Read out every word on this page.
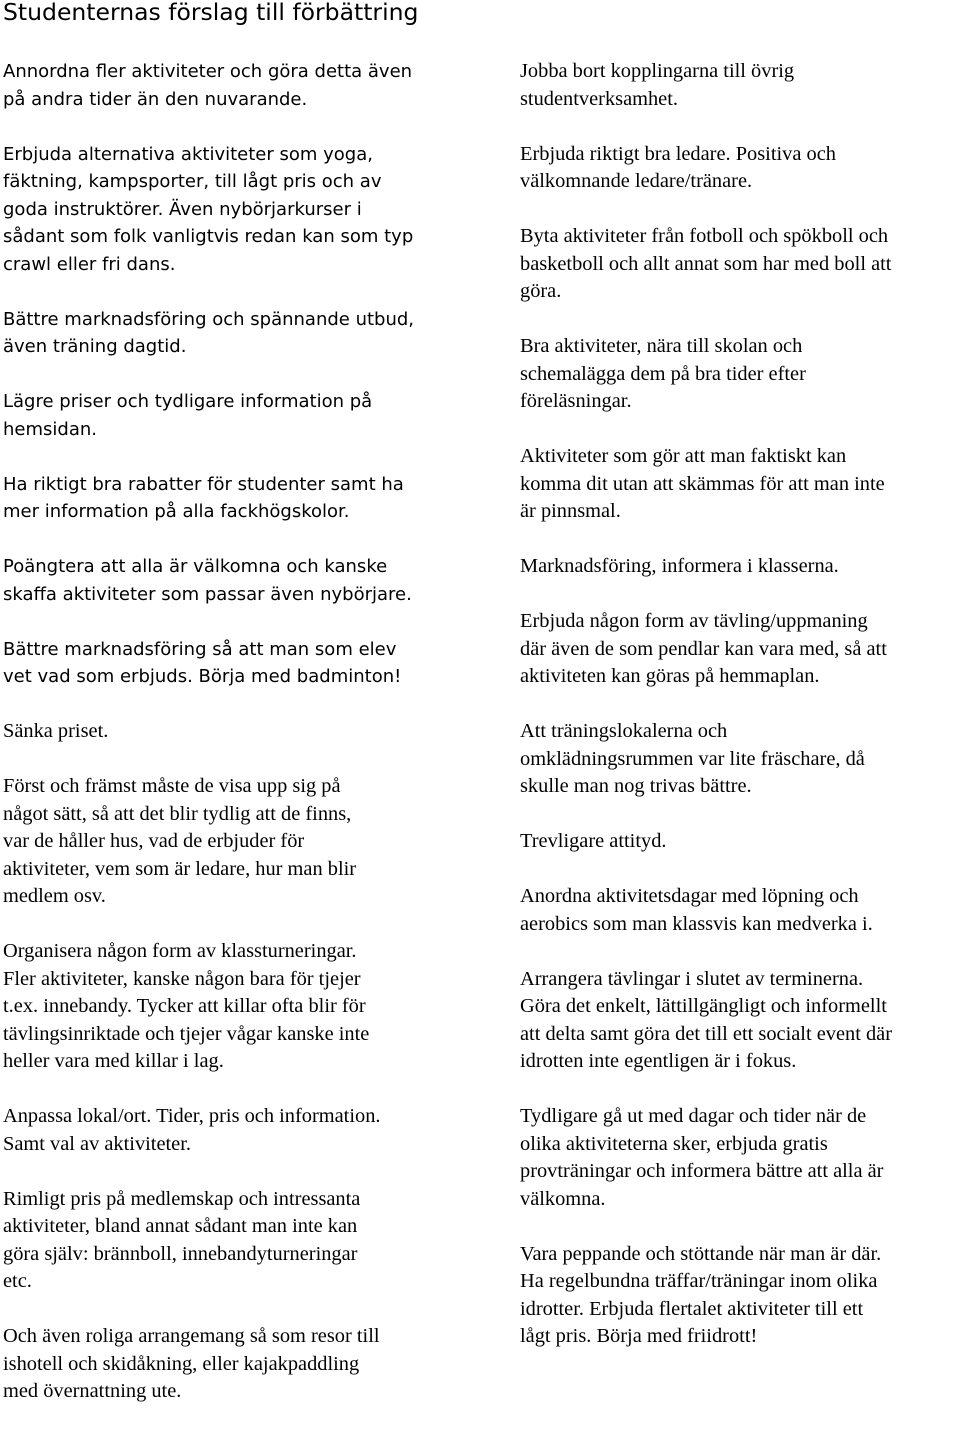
Studenternas förslag till förbättring

Annordna fler aktiviteter och göra detta även
på andra tider än den nuvarande.

Erbjuda alternativa aktiviteter som yoga,
fäktning, kampsporter, till lågt pris och av
goda instruktörer. Även nybörjarkurser i
sådant som folk vanligtvis redan kan som typ
crawl eller fri dans.

Bättre marknadsföring och spännande utbud,
även träning dagtid.

Lägre priser och tydligare information på
hemsidan.

Ha riktigt bra rabatter för studenter samt ha
mer information på alla fackhögskolor.

Poängtera att alla är välkomna och kanske
skaffa aktiviteter som passar även nybörjare.

Bättre marknadsföring så att man som elev
vet vad som erbjuds. Börja med badminton!

Sänka priset.

Först och främst måste de visa upp sig på
något sätt, så att det blir tydlig att de finns,
var de håller hus, vad de erbjuder för
aktiviteter, vem som är ledare, hur man blir
medlem osv.

Organisera någon form av klassturneringar.
Fler aktiviteter, kanske någon bara för tjejer
t.ex. innebandy. Tycker att killar ofta blir för
tävlingsinriktade och tjejer vågar kanske inte
heller vara med killar i lag.

Anpassa lokal/ort. Tider, pris och information.
Samt val av aktiviteter.

Rimligt pris på medlemskap och intressanta
aktiviteter, bland annat sådant man inte kan
göra själv: brännboll, innebandyturneringar
etc.

Och även roliga arrangemang så som resor till
ishotell och skidåkning, eller kajakpaddling
med övernattning ute.

Jobba bort kopplingarna till övrig
studentverksamhet.

Erbjuda riktigt bra ledare. Positiva och
välkomnande ledare/tränare.

Byta aktiviteter från fotboll och spökboll och
basketboll och allt annat som har med boll att
göra.

Bra aktiviteter, nära till skolan och
schemalägga dem på bra tider efter
föreläsningar.

Aktiviteter som gör att man faktiskt kan
komma dit utan att skämmas för att man inte
är pinnsmal.

Marknadsföring, informera i klasserna.

Erbjuda någon form av tävling/uppmaning
där även de som pendlar kan vara med, så att
aktiviteten kan göras på hemmaplan.

Att träningslokalerna och
omklädningsrummen var lite fräschare, då
skulle man nog trivas bättre.

Trevligare attityd.

Anordna aktivitetsdagar med löpning och
aerobics som man klassvis kan medverka i.

Arrangera tävlingar i slutet av terminerna.
Göra det enkelt, lättillgängligt och informellt
att delta samt göra det till ett socialt event där
idrotten inte egentligen är i fokus.

Tydligare gå ut med dagar och tider när de
olika aktiviteterna sker, erbjuda gratis
provträningar och informera bättre att alla är
välkomna.

Vara peppande och stöttande när man är där.
Ha regelbundna träffar/träningar inom olika
idrotter. Erbjuda flertalet aktiviteter till ett
lågt pris. Börja med friidrott!
